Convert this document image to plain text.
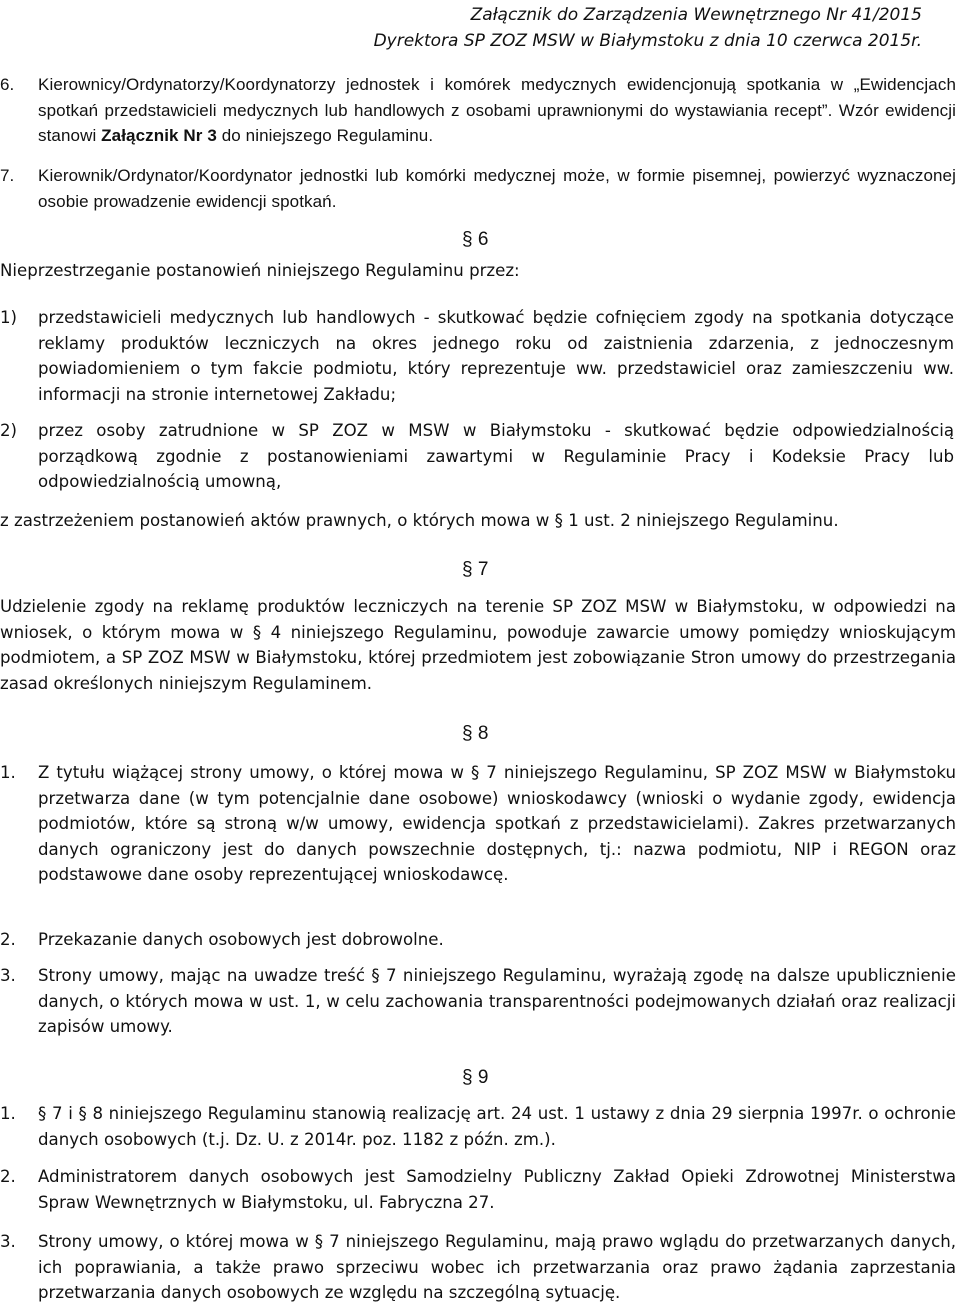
Załącznik do Zarządzenia Wewnętrznego Nr 41/2015
Dyrektora SP ZOZ MSW w Białymstoku z dnia 10 czerwca 2015r.
6. Kierownicy/Ordynatorzy/Koordynatorzy jednostek i komórek medycznych ewidencjonują spotkania w „Ewidencjach spotkań przedstawicieli medycznych lub handlowych z osobami uprawnionymi do wystawiania recept”. Wzór ewidencji stanowi Załącznik Nr 3 do niniejszego Regulaminu.
7. Kierownik/Ordynator/Koordynator jednostki lub komórki medycznej może, w formie pisemnej, powierzyć wyznaczonej osobie prowadzenie ewidencji spotkań.
§ 6
Nieprzestrzeganie postanowień niniejszego Regulaminu przez:
1) przedstawicieli medycznych lub handlowych - skutkować będzie cofnięciem zgody na spotkania dotyczące reklamy produktów leczniczych na okres jednego roku od zaistnienia zdarzenia, z jednoczesnym powiadomieniem o tym fakcie podmiotu, który reprezentuje ww. przedstawiciel oraz zamieszczeniu ww. informacji na stronie internetowej Zakładu;
2) przez osoby zatrudnione w SP ZOZ w MSW w Białymstoku - skutkować będzie odpowiedzialnością porządkową zgodnie z postanowieniami zawartymi w Regulaminie Pracy i Kodeksie Pracy lub odpowiedzialnością umowną,
z zastrzeżeniem postanowień aktów prawnych, o których mowa w § 1 ust. 2 niniejszego Regulaminu.
§ 7
Udzielenie zgody na reklamę produktów leczniczych na terenie SP ZOZ MSW w Białymstoku, w odpowiedzi na wniosek, o którym mowa w § 4 niniejszego Regulaminu, powoduje zawarcie umowy pomiędzy wnioskującym podmiotem, a SP ZOZ MSW w Białymstoku, której przedmiotem jest zobowiązanie Stron umowy do przestrzegania zasad określonych niniejszym Regulaminem.
§ 8
1. Z tytułu wiążącej strony umowy, o której mowa w § 7 niniejszego Regulaminu, SP ZOZ MSW w Białymstoku przetwarza dane (w tym potencjalnie dane osobowe) wnioskodawcy (wnioski o wydanie zgody, ewidencja podmiotów, które są stroną w/w umowy, ewidencja spotkań z przedstawicielami). Zakres przetwarzanych danych ograniczony jest do danych powszechnie dostępnych, tj.: nazwa podmiotu, NIP i REGON oraz podstawowe dane osoby reprezentującej wnioskodawcę.
2. Przekazanie danych osobowych jest dobrowolne.
3. Strony umowy, mając na uwadze treść § 7 niniejszego Regulaminu, wyrażają zgodę na dalsze upublicznienie danych, o których mowa w ust. 1, w celu zachowania transparentności podejmowanych działań oraz realizacji zapisów umowy.
§ 9
1. § 7 i § 8 niniejszego Regulaminu stanowią realizację art. 24 ust. 1 ustawy z dnia 29 sierpnia 1997r. o ochronie danych osobowych (t.j. Dz. U. z 2014r. poz. 1182 z późn. zm.).
2. Administratorem danych osobowych jest Samodzielny Publiczny Zakład Opieki Zdrowotnej Ministerstwa Spraw Wewnętrznych w Białymstoku, ul. Fabryczna 27.
3. Strony umowy, o której mowa w § 7 niniejszego Regulaminu, mają prawo wglądu do przetwarzanych danych, ich poprawiania, a także prawo sprzeciwu wobec ich przetwarzania oraz prawo żądania zaprzestania przetwarzania danych osobowych ze względu na szczególną sytuację.
